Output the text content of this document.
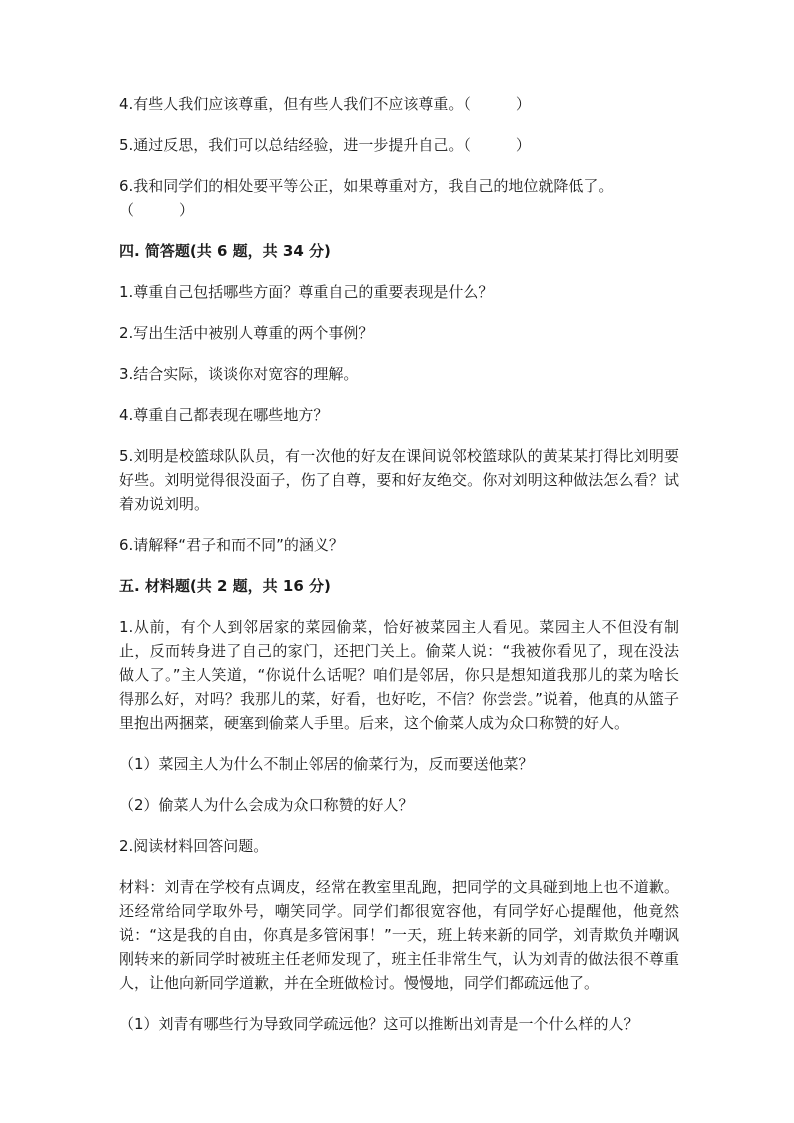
4.有些人我们应该尊重，但有些人我们不应该尊重。（　　　）

5.通过反思，我们可以总结经验，进一步提升自己。（　　　）

6.我和同学们的相处要平等公正，如果尊重对方，我自己的地位就降低了。

（　　　）

四. 简答题(共 6 题，共 34 分)

1.尊重自己包括哪些方面？尊重自己的重要表现是什么？

2.写出生活中被别人尊重的两个事例？

3.结合实际，谈谈你对宽容的理解。

4.尊重自己都表现在哪些地方？

5.刘明是校篮球队队员，有一次他的好友在课间说邻校篮球队的黄某某打得比刘明要好些。刘明觉得很没面子，伤了自尊，要和好友绝交。你对刘明这种做法怎么看？试着劝说刘明。

6.请解释“君子和而不同”的涵义？

五. 材料题(共 2 题，共 16 分)

1.从前，有个人到邻居家的菜园偷菜，恰好被菜园主人看见。菜园主人不但没有制止，反而转身进了自己的家门，还把门关上。偷菜人说：“我被你看见了，现在没法做人了。”主人笑道，“你说什么话呢？咱们是邻居，你只是想知道我那儿的菜为啥长得那么好，对吗？我那儿的菜，好看，也好吃，不信？你尝尝。”说着，他真的从篮子里抱出两捆菜，硬塞到偷菜人手里。后来，这个偷菜人成为众口称赞的好人。

（1）菜园主人为什么不制止邻居的偷菜行为，反而要送他菜？

（2）偷菜人为什么会成为众口称赞的好人？

2.阅读材料回答问题。

材料：刘青在学校有点调皮，经常在教室里乱跑，把同学的文具碰到地上也不道歉。还经常给同学取外号，嘲笑同学。同学们都很宽容他，有同学好心提醒他，他竟然说：“这是我的自由，你真是多管闲事！”一天，班上转来新的同学，刘青欺负并嘲讽刚转来的新同学时被班主任老师发现了，班主任非常生气，认为刘青的做法很不尊重人，让他向新同学道歉，并在全班做检讨。慢慢地，同学们都疏远他了。

（1）刘青有哪些行为导致同学疏远他？这可以推断出刘青是一个什么样的人？
